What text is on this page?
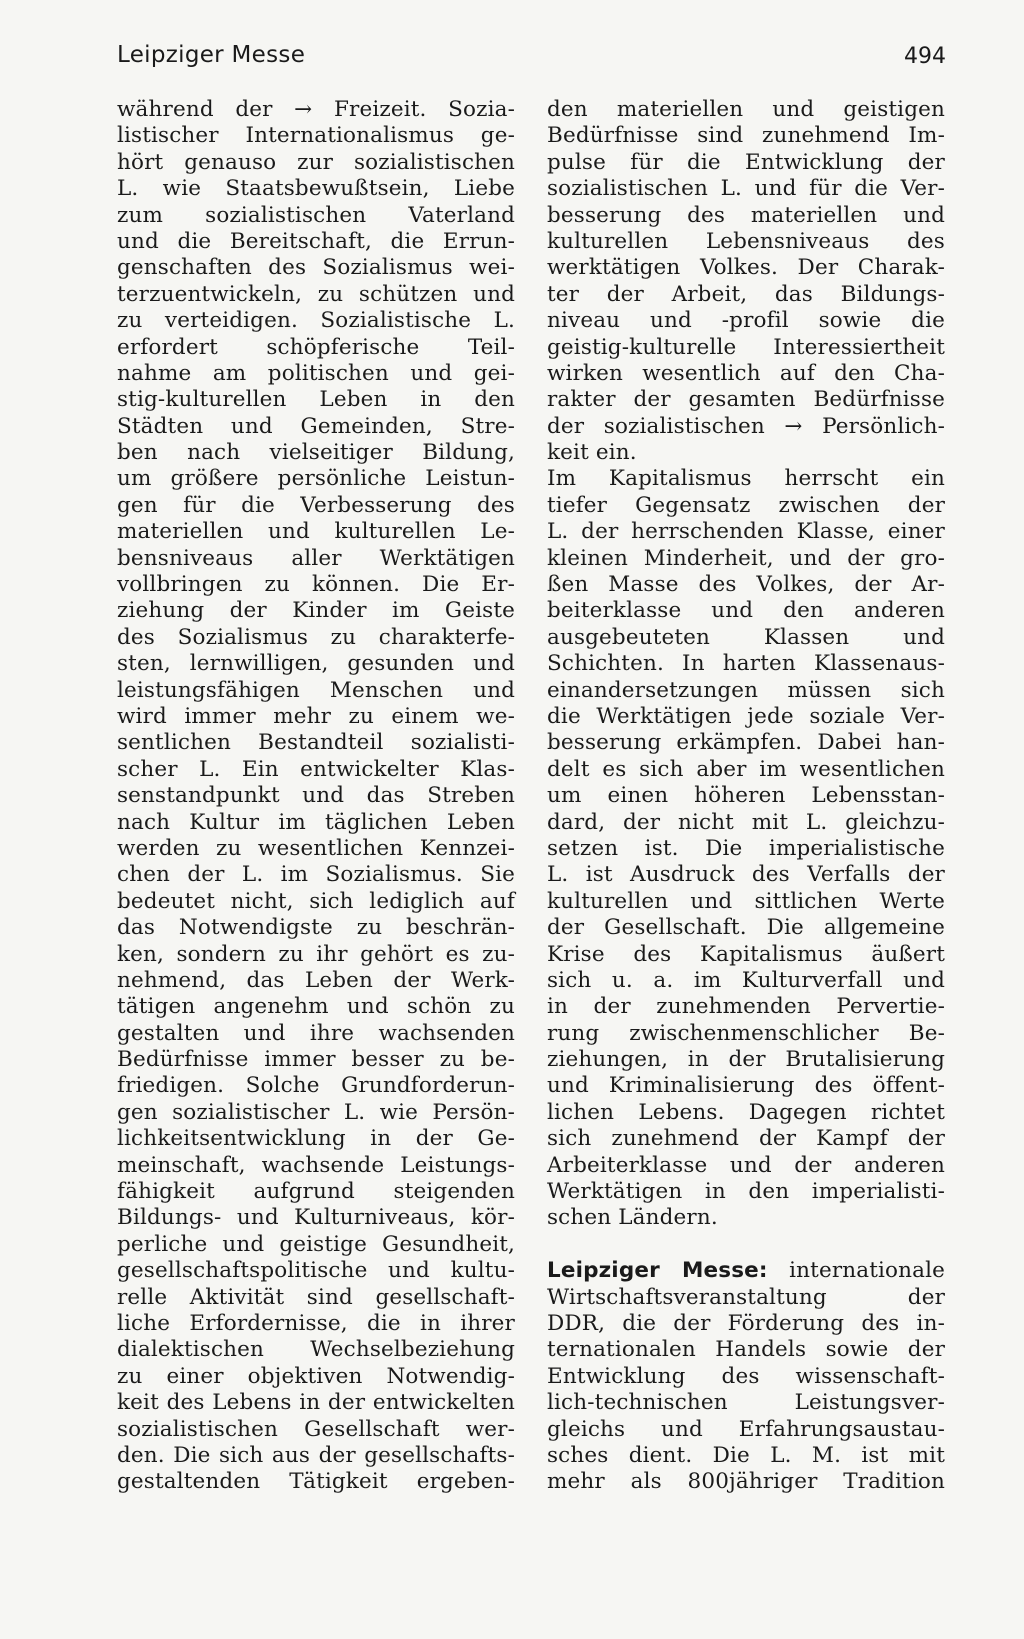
Leipziger Messe	494
während der → Freizeit. Sozia-
listischer Internationalismus ge-
hört genauso zur sozialistischen
L. wie Staatsbewußtsein, Liebe
zum sozialistischen Vaterland
und die Bereitschaft, die Errun-
genschaften des Sozialismus wei-
terzuentwickeln, zu schützen und
zu verteidigen. Sozialistische L.
erfordert schöpferische Teil-
nahme am politischen und gei-
stig-kulturellen Leben in den
Städten und Gemeinden, Stre-
ben nach vielseitiger Bildung,
um größere persönliche Leistun-
gen für die Verbesserung des
materiellen und kulturellen Le-
bensniveaus aller Werktätigen
vollbringen zu können. Die Er-
ziehung der Kinder im Geiste
des Sozialismus zu charakterfe-
sten, lernwilligen, gesunden und
leistungsfähigen Menschen und
wird immer mehr zu einem we-
sentlichen Bestandteil sozialisti-
scher L. Ein entwickelter Klas-
senstandpunkt und das Streben
nach Kultur im täglichen Leben
werden zu wesentlichen Kennzei-
chen der L. im Sozialismus. Sie
bedeutet nicht, sich lediglich auf
das Notwendigste zu beschrän-
ken, sondern zu ihr gehört es zu-
nehmend, das Leben der Werk-
tätigen angenehm und schön zu
gestalten und ihre wachsenden
Bedürfnisse immer besser zu be-
friedigen. Solche Grundforderun-
gen sozialistischer L. wie Persön-
lichkeitsentwicklung in der Ge-
meinschaft, wachsende Leistungs-
fähigkeit aufgrund steigenden
Bildungs- und Kulturniveaus, kör-
perliche und geistige Gesundheit,
gesellschaftspolitische und kultu-
relle Aktivität sind gesellschaft-
liche Erfordernisse, die in ihrer
dialektischen Wechselbeziehung
zu einer objektiven Notwendig-
keit des Lebens in der entwickelten
sozialistischen Gesellschaft wer-
den. Die sich aus der gesellschafts-
gestaltenden Tätigkeit ergeben-
den materiellen und geistigen
Bedürfnisse sind zunehmend Im-
pulse für die Entwicklung der
sozialistischen L. und für die Ver-
besserung des materiellen und
kulturellen Lebensniveaus des
werktätigen Volkes. Der Charak-
ter der Arbeit, das Bildungs-
niveau und -profil sowie die
geistig-kulturelle Interessiertheit
wirken wesentlich auf den Cha-
rakter der gesamten Bedürfnisse
der sozialistischen → Persönlich-
keit ein.
Im Kapitalismus herrscht ein
tiefer Gegensatz zwischen der
L. der herrschenden Klasse, einer
kleinen Minderheit, und der gro-
ßen Masse des Volkes, der Ar-
beiterklasse und den anderen
ausgebeuteten Klassen und
Schichten. In harten Klassenaus-
einandersetzungen müssen sich
die Werktätigen jede soziale Ver-
besserung erkämpfen. Dabei han-
delt es sich aber im wesentlichen
um einen höheren Lebensstan-
dard, der nicht mit L. gleichzu-
setzen ist. Die imperialistische
L. ist Ausdruck des Verfalls der
kulturellen und sittlichen Werte
der Gesellschaft. Die allgemeine
Krise des Kapitalismus äußert
sich u. a. im Kulturverfall und
in der zunehmenden Pervertie-
rung zwischenmenschlicher Be-
ziehungen, in der Brutalisierung
und Kriminalisierung des öffent-
lichen Lebens. Dagegen richtet
sich zunehmend der Kampf der
Arbeiterklasse und der anderen
Werktätigen in den imperialisti-
schen Ländern.
Leipziger Messe: internationale
Wirtschaftsveranstaltung der
DDR, die der Förderung des in-
ternationalen Handels sowie der
Entwicklung des wissenschaft-
lich-technischen Leistungsver-
gleichs und Erfahrungsaustau-
sches dient. Die L. M. ist mit
mehr als 800jähriger Tradition
